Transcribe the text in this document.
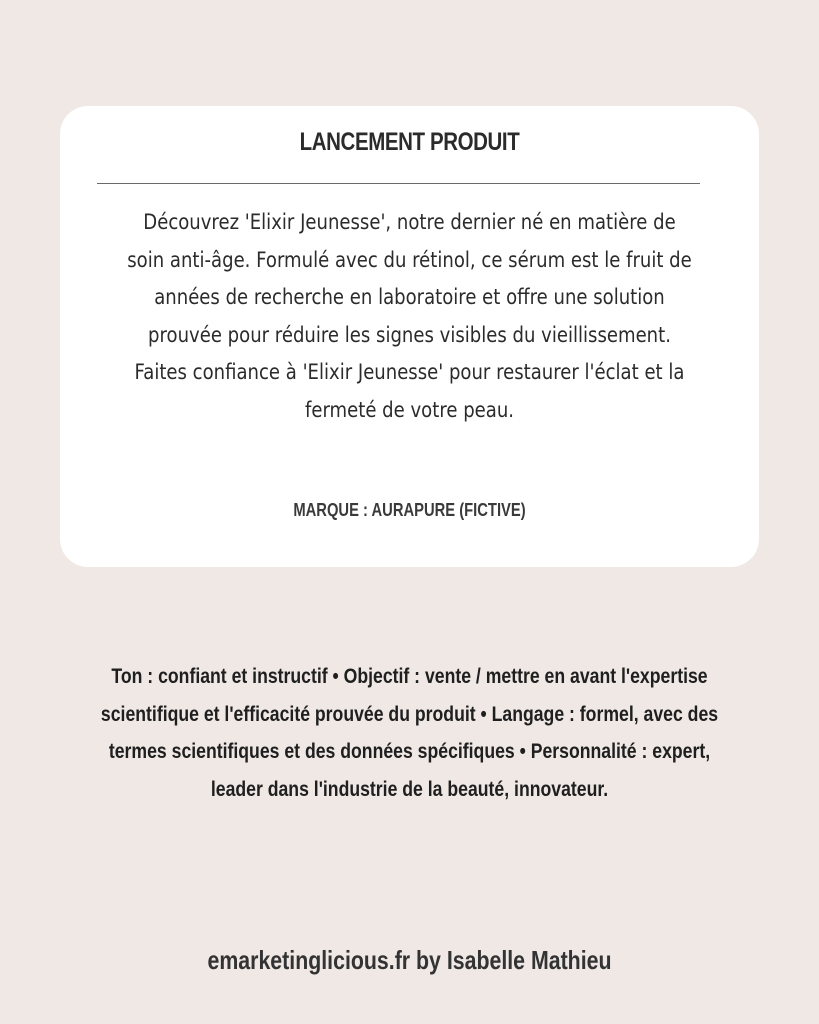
LANCEMENT PRODUIT
Découvrez 'Elixir Jeunesse', notre dernier né en matière de soin anti-âge. Formulé avec du rétinol, ce sérum est le fruit de années de recherche en laboratoire et offre une solution prouvée pour réduire les signes visibles du vieillissement. Faites confiance à 'Elixir Jeunesse' pour restaurer l'éclat et la fermeté de votre peau.
MARQUE : AURAPURE (FICTIVE)
Ton : confiant et instructif • Objectif : vente / mettre en avant l'expertise scientifique et l'efficacité prouvée du produit • Langage : formel, avec des termes scientifiques et des données spécifiques • Personnalité : expert, leader dans l'industrie de la beauté, innovateur.
emarketinglicious.fr by Isabelle Mathieu
